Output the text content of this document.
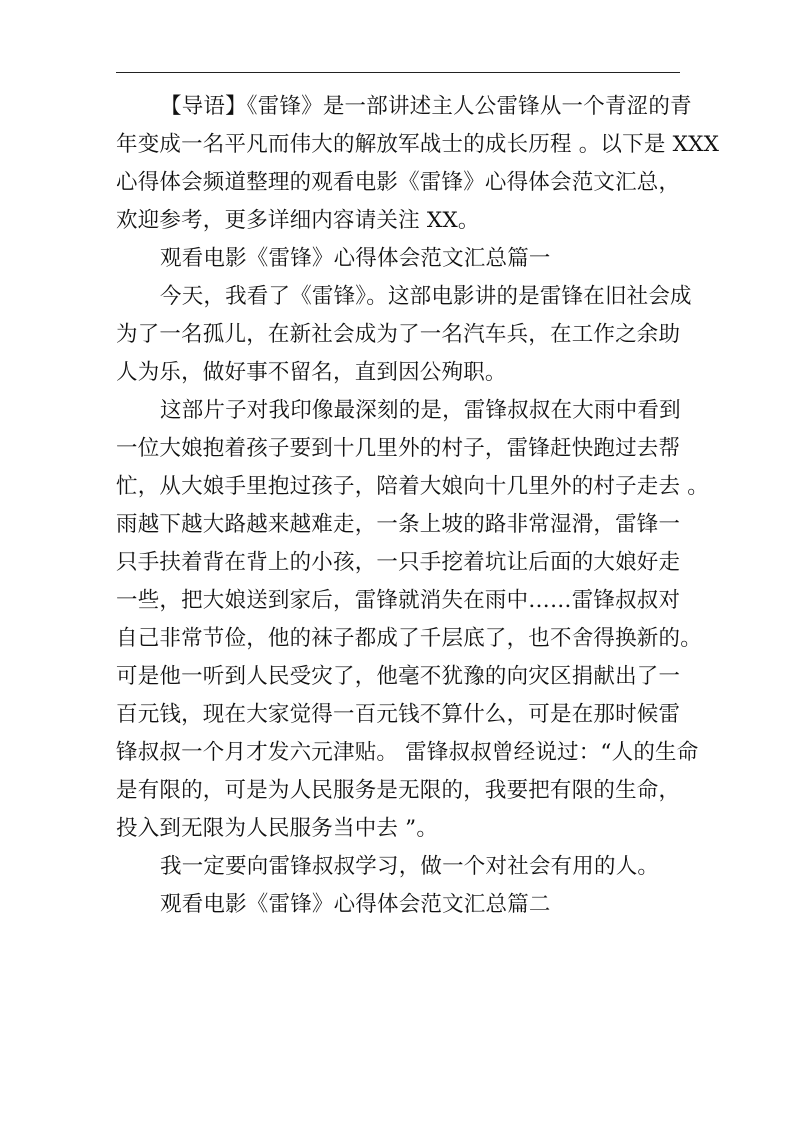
【导语】《雷锋》是一部讲述主人公雷锋从一个青涩的青
年变成一名平凡而伟大的解放军战士的成长历程 。以下是 XXX
心得体会频道整理的观看电影《雷锋》心得体会范文汇总，
欢迎参考，更多详细内容请关注 XX。
观看电影《雷锋》心得体会范文汇总篇一
今天，我看了《雷锋》。这部电影讲的是雷锋在旧社会成
为了一名孤儿，在新社会成为了一名汽车兵，在工作之余助
人为乐，做好事不留名，直到因公殉职。
这部片子对我印像最深刻的是，雷锋叔叔在大雨中看到
一位大娘抱着孩子要到十几里外的村子，雷锋赶快跑过去帮
忙，从大娘手里抱过孩子，陪着大娘向十几里外的村子走去 。
雨越下越大路越来越难走，一条上坡的路非常湿滑，雷锋一
只手扶着背在背上的小孩，一只手挖着坑让后面的大娘好走
一些，把大娘送到家后，雷锋就消失在雨中……雷锋叔叔对
自己非常节俭，他的袜子都成了千层底了，也不舍得换新的。
可是他一听到人民受灾了，他毫不犹豫的向灾区捐献出了一
百元钱，现在大家觉得一百元钱不算什么，可是在那时候雷
锋叔叔一个月才发六元津贴。 雷锋叔叔曾经说过：“人的生命
是有限的，可是为人民服务是无限的，我要把有限的生命，
投入到无限为人民服务当中去 ”。
我一定要向雷锋叔叔学习，做一个对社会有用的人。
观看电影《雷锋》心得体会范文汇总篇二
